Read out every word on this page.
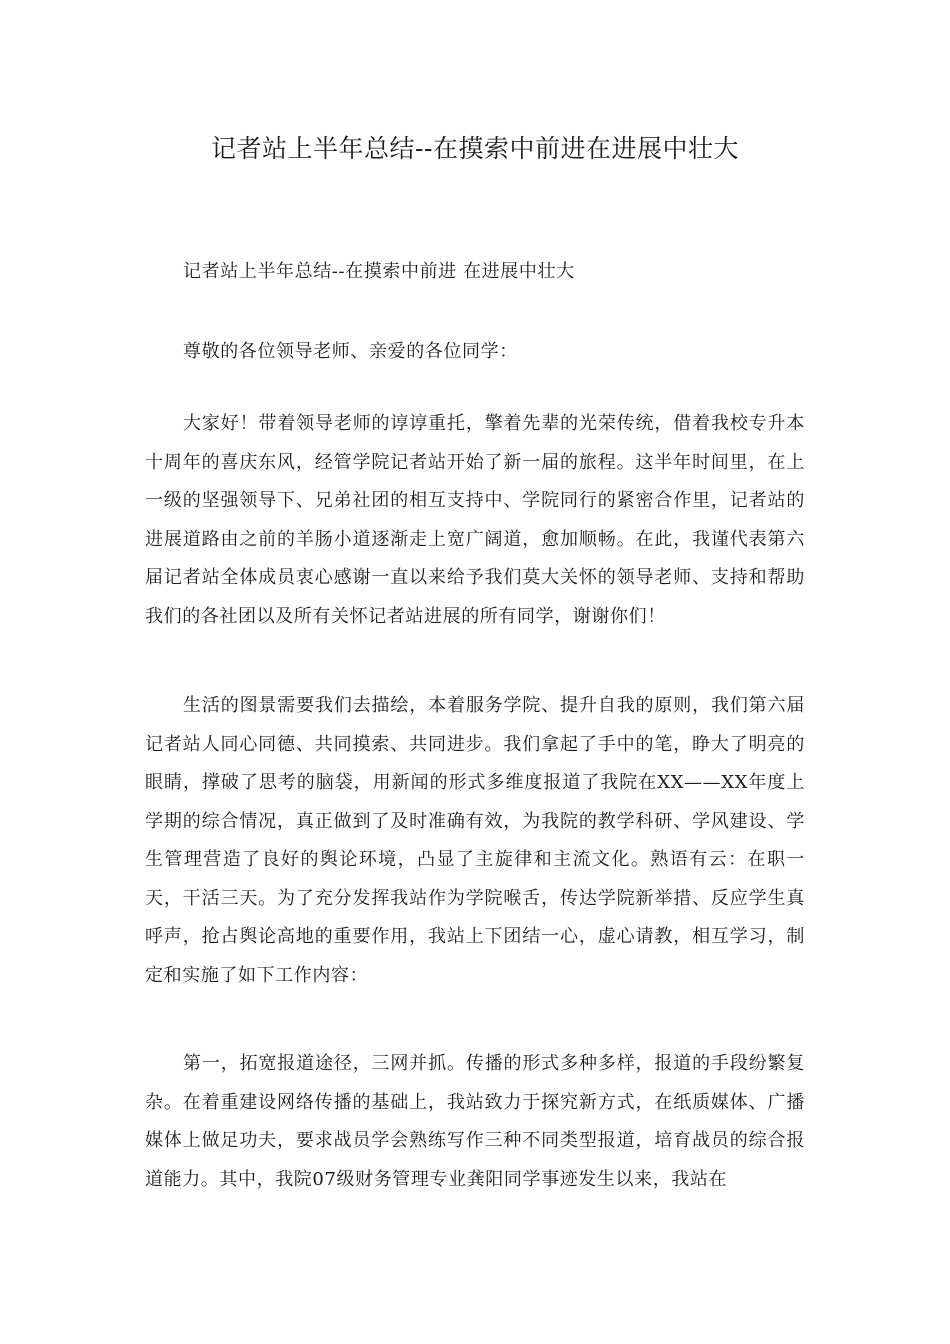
记者站上半年总结--在摸索中前进在进展中壮大

记者站上半年总结--在摸索中前进 在进展中壮大

尊敬的各位领导老师、亲爱的各位同学：

大家好！带着领导老师的谆谆重托，擎着先辈的光荣传统，借着我校专升本十周年的喜庆东风，经管学院记者站开始了新一届的旅程。这半年时间里，在上一级的坚强领导下、兄弟社团的相互支持中、学院同行的紧密合作里，记者站的进展道路由之前的羊肠小道逐渐走上宽广阔道，愈加顺畅。在此，我谨代表第六届记者站全体成员衷心感谢一直以来给予我们莫大关怀的领导老师、支持和帮助我们的各社团以及所有关怀记者站进展的所有同学，谢谢你们！

生活的图景需要我们去描绘，本着服务学院、提升自我的原则，我们第六届记者站人同心同德、共同摸索、共同进步。我们拿起了手中的笔，睁大了明亮的眼睛，撑破了思考的脑袋，用新闻的形式多维度报道了我院在XX——XX年度上学期的综合情况，真正做到了及时准确有效，为我院的教学科研、学风建设、学生管理营造了良好的舆论环境，凸显了主旋律和主流文化。熟语有云：在职一天，干活三天。为了充分发挥我站作为学院喉舌，传达学院新举措、反应学生真呼声，抢占舆论高地的重要作用，我站上下团结一心，虚心请教，相互学习，制定和实施了如下工作内容：

第一，拓宽报道途径，三网并抓。传播的形式多种多样，报道的手段纷繁复杂。在着重建设网络传播的基础上，我站致力于探究新方式，在纸质媒体、广播媒体上做足功夫，要求战员学会熟练写作三种不同类型报道，培育战员的综合报道能力。其中，我院07级财务管理专业龚阳同学事迹发生以来，我站在
